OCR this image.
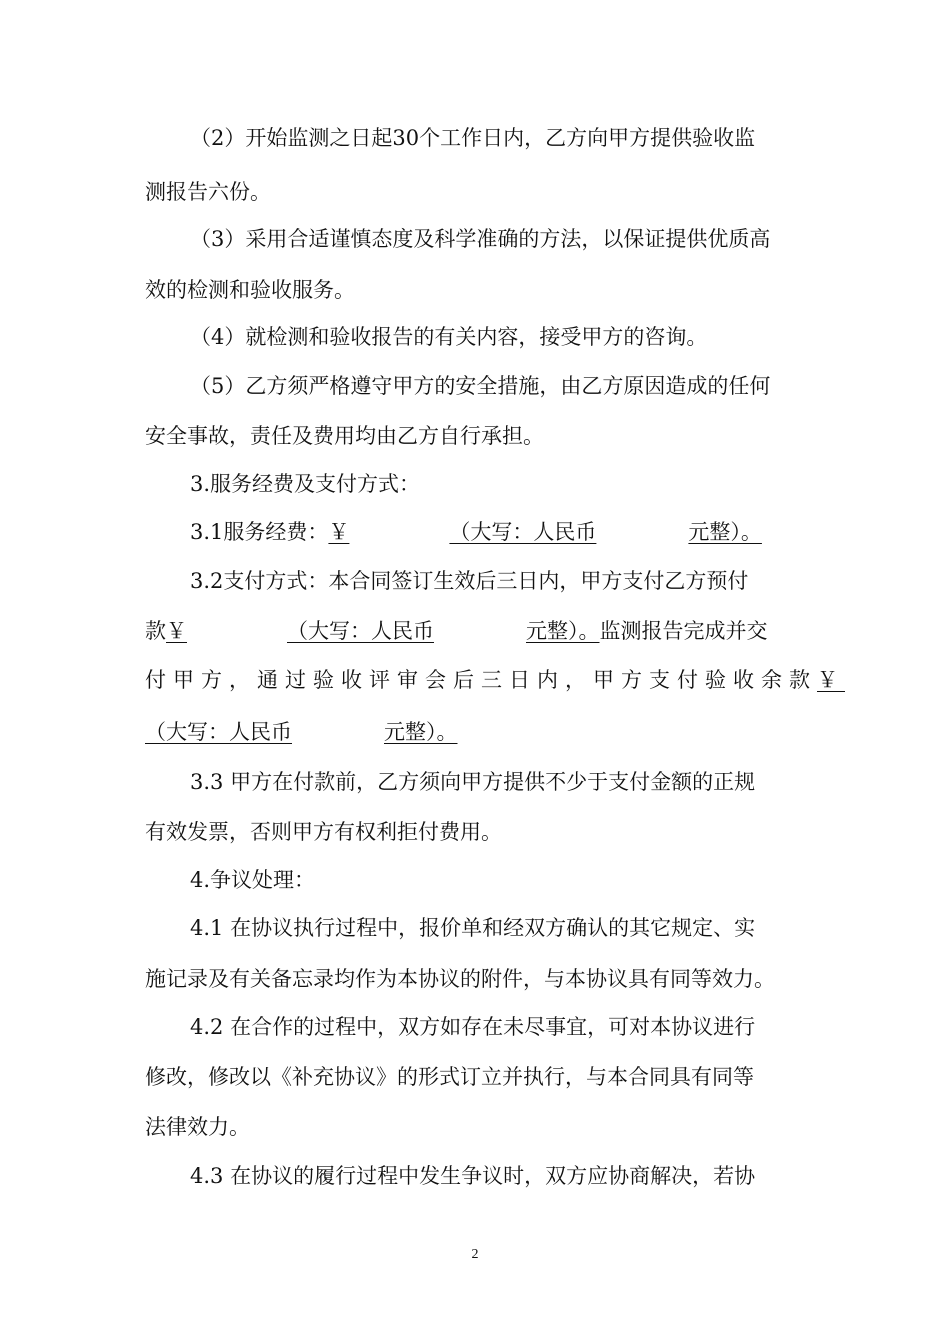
（2）开始监测之日起30个工作日内，乙方向甲方提供验收监

测报告六份。

（3）采用合适谨慎态度及科学准确的方法，以保证提供优质高

效的检测和验收服务。

（4）就检测和验收报告的有关内容，接受甲方的咨询。

（5）乙方须严格遵守甲方的安全措施，由乙方原因造成的任何

安全事故，责任及费用均由乙方自行承担。

3.服务经费及支付方式：

3.1服务经费：￥	（大写：人民币	元整）。

3.2支付方式：本合同签订生效后三日内，甲方支付乙方预付

款￥	（大写：人民币	元整）。监测报告完成并交

付甲方，通过验收评审会后三日内，甲方支付验收余款￥

（大写：人民币	元整）。

3.3 甲方在付款前，乙方须向甲方提供不少于支付金额的正规

有效发票，否则甲方有权利拒付费用。

4.争议处理：

4.1 在协议执行过程中，报价单和经双方确认的其它规定、实

施记录及有关备忘录均作为本协议的附件，与本协议具有同等效力。

4.2 在合作的过程中，双方如存在未尽事宜，可对本协议进行

修改，修改以《补充协议》的形式订立并执行，与本合同具有同等

法律效力。

4.3 在协议的履行过程中发生争议时，双方应协商解决，若协

2
